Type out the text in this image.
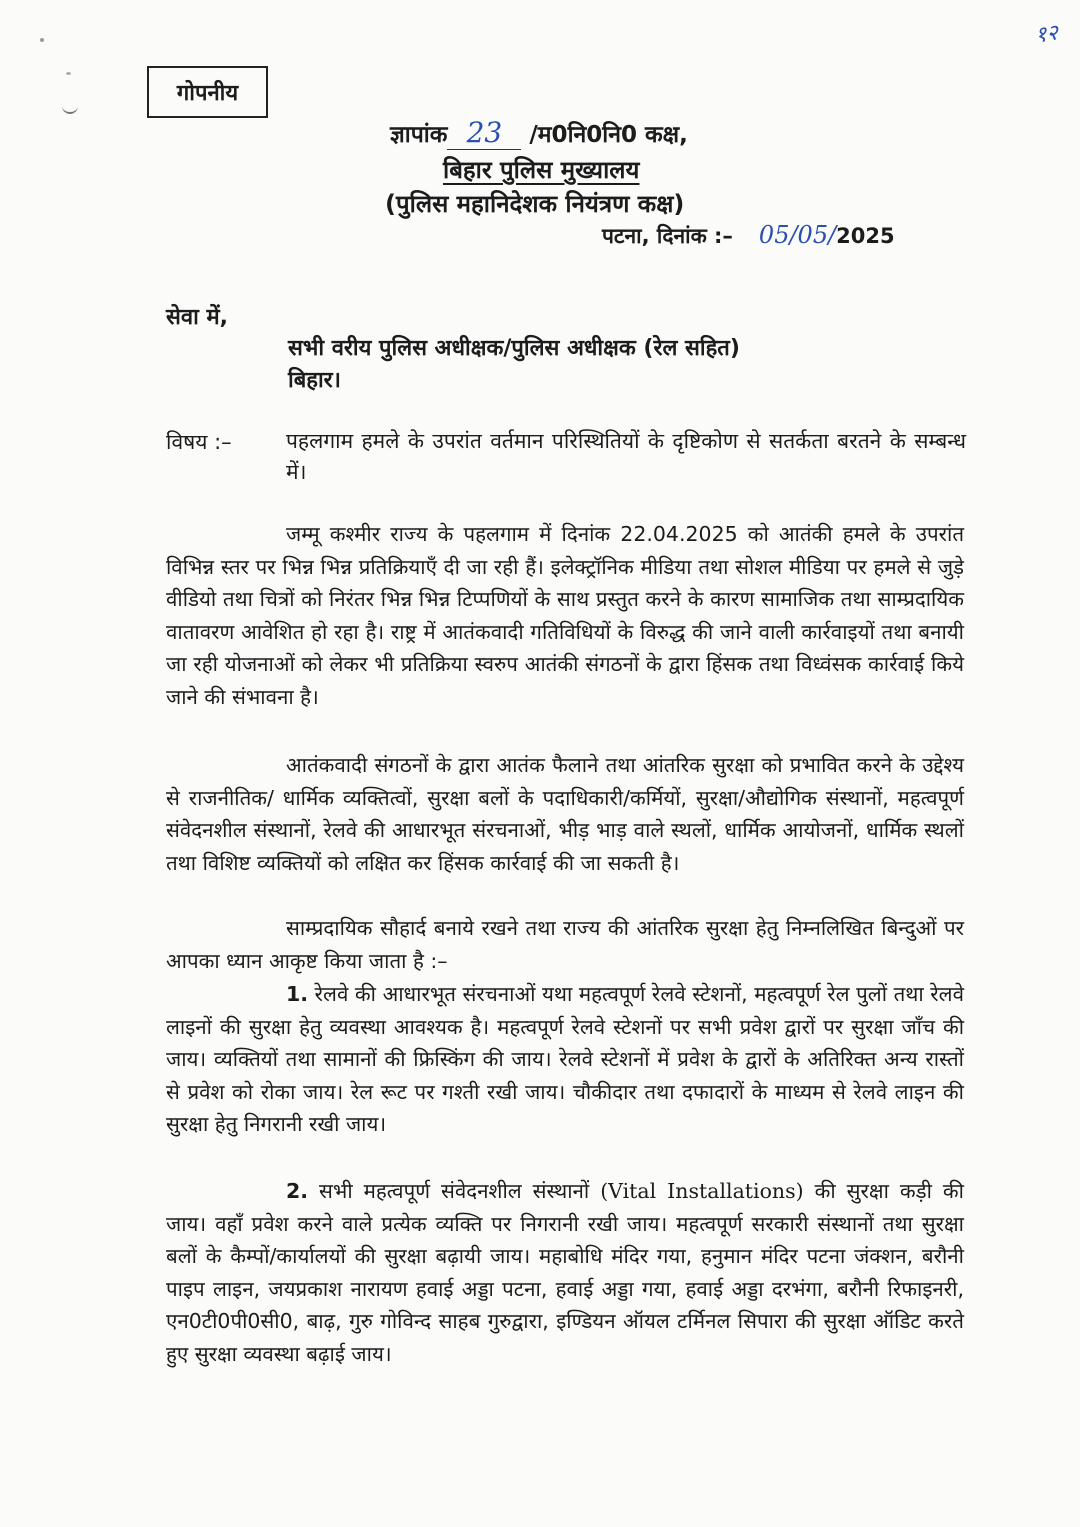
१२
गोपनीय
ज्ञापांक 23 /म0नि0नि0 कक्ष,
बिहार पुलिस मुख्यालय
(पुलिस महानिदेशक नियंत्रण कक्ष)
पटना, दिनांक :– 05/05/2025
सेवा में,
सभी वरीय पुलिस अधीक्षक/पुलिस अधीक्षक (रेल सहित)
बिहार।
विषय :–	पहलगाम हमले के उपरांत वर्तमान परिस्थितियों के दृष्टिकोण से सतर्कता बरतने के सम्बन्ध में।

जम्मू कश्मीर राज्य के पहलगाम में दिनांक 22.04.2025 को आतंकी हमले के उपरांत विभिन्न स्तर पर भिन्न भिन्न प्रतिक्रियाएँ दी जा रही हैं। इलेक्ट्रॉनिक मीडिया तथा सोशल मीडिया पर हमले से जुड़े वीडियो तथा चित्रों को निरंतर भिन्न भिन्न टिप्पणियों के साथ प्रस्तुत करने के कारण सामाजिक तथा साम्प्रदायिक वातावरण आवेशित हो रहा है। राष्ट्र में आतंकवादी गतिविधियों के विरुद्ध की जाने वाली कार्रवाइयों तथा बनायी जा रही योजनाओं को लेकर भी प्रतिक्रिया स्वरुप आतंकी संगठनों के द्वारा हिंसक तथा विध्वंसक कार्रवाई किये जाने की संभावना है।

आतंकवादी संगठनों के द्वारा आतंक फैलाने तथा आंतरिक सुरक्षा को प्रभावित करने के उद्देश्य से राजनीतिक/ धार्मिक व्यक्तित्वों, सुरक्षा बलों के पदाधिकारी/कर्मियों, सुरक्षा/औद्योगिक संस्थानों, महत्वपूर्ण संवेदनशील संस्थानों, रेलवे की आधारभूत संरचनाओं, भीड़ भाड़ वाले स्थलों, धार्मिक आयोजनों, धार्मिक स्थलों तथा विशिष्ट व्यक्तियों को लक्षित कर हिंसक कार्रवाई की जा सकती है।

साम्प्रदायिक सौहार्द बनाये रखने तथा राज्य की आंतरिक सुरक्षा हेतु निम्नलिखित बिन्दुओं पर आपका ध्यान आकृष्ट किया जाता है :–

1. रेलवे की आधारभूत संरचनाओं यथा महत्वपूर्ण रेलवे स्टेशनों, महत्वपूर्ण रेल पुलों तथा रेलवे लाइनों की सुरक्षा हेतु व्यवस्था आवश्यक है। महत्वपूर्ण रेलवे स्टेशनों पर सभी प्रवेश द्वारों पर सुरक्षा जाँच की जाय। व्यक्तियों तथा सामानों की फ्रिस्किंग की जाय। रेलवे स्टेशनों में प्रवेश के द्वारों के अतिरिक्त अन्य रास्तों से प्रवेश को रोका जाय। रेल रूट पर गश्ती रखी जाय। चौकीदार तथा दफादारों के माध्यम से रेलवे लाइन की सुरक्षा हेतु निगरानी रखी जाय।

2. सभी महत्वपूर्ण संवेदनशील संस्थानों (Vital Installations) की सुरक्षा कड़ी की जाय। वहाँ प्रवेश करने वाले प्रत्येक व्यक्ति पर निगरानी रखी जाय। महत्वपूर्ण सरकारी संस्थानों तथा सुरक्षा बलों के कैम्पों/कार्यालयों की सुरक्षा बढ़ायी जाय। महाबोधि मंदिर गया, हनुमान मंदिर पटना जंक्शन, बरौनी पाइप लाइन, जयप्रकाश नारायण हवाई अड्डा पटना, हवाई अड्डा गया, हवाई अड्डा दरभंगा, बरौनी रिफाइनरी, एन0टी0पी0सी0, बाढ़, गुरु गोविन्द साहब गुरुद्वारा, इण्डियन ऑयल टर्मिनल सिपारा की सुरक्षा ऑडिट करते हुए सुरक्षा व्यवस्था बढ़ाई जाय।
